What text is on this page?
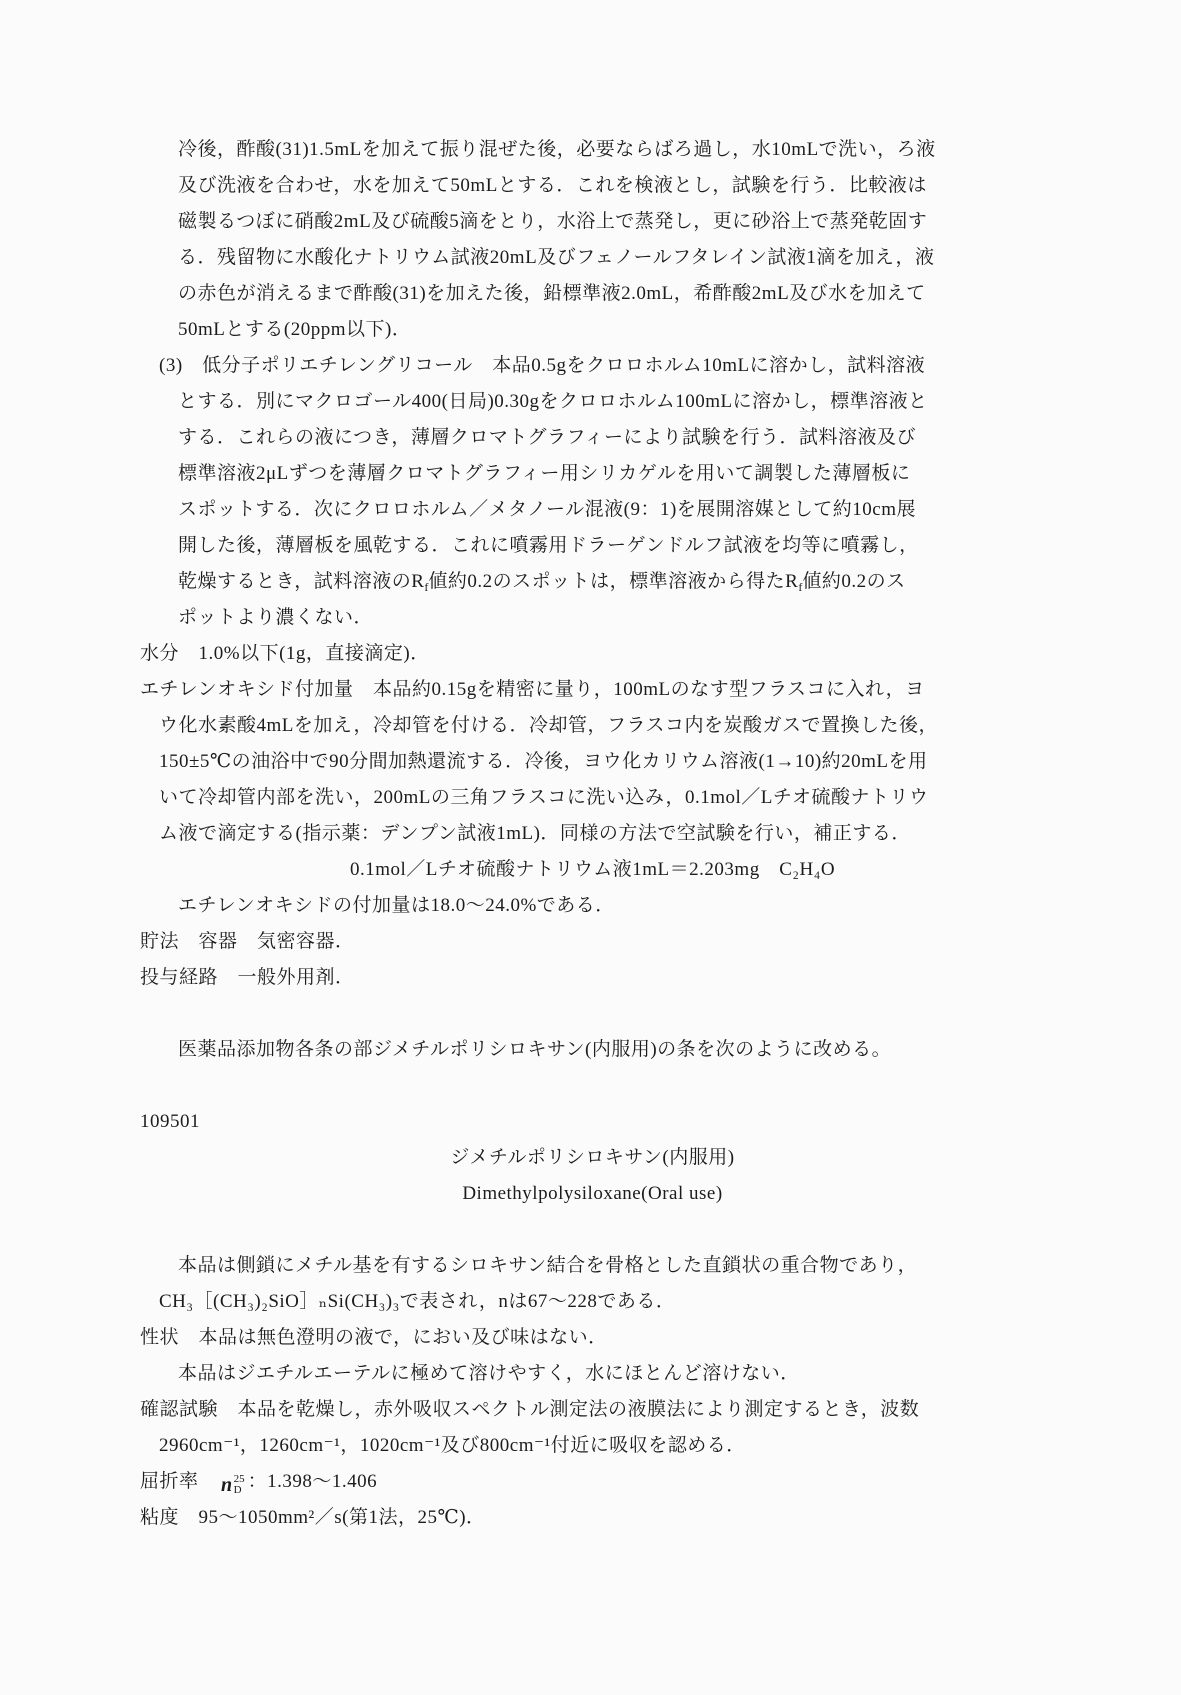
冷後，酢酸(31)1.5mLを加えて振り混ぜた後，必要ならばろ過し，水10mLで洗い，ろ液
及び洗液を合わせ，水を加えて50mLとする．これを検液とし，試験を行う．比較液は
磁製るつぼに硝酸2mL及び硫酸5滴をとり，水浴上で蒸発し，更に砂浴上で蒸発乾固す
る．残留物に水酸化ナトリウム試液20mL及びフェノールフタレイン試液1滴を加え，液
の赤色が消えるまで酢酸(31)を加えた後，鉛標準液2.0mL，希酢酸2mL及び水を加えて
50mLとする(20ppm以下)．
(3)　低分子ポリエチレングリコール　本品0.5gをクロロホルム10mLに溶かし，試料溶液
とする．別にマクロゴール400(日局)0.30gをクロロホルム100mLに溶かし，標準溶液と
する．これらの液につき，薄層クロマトグラフィーにより試験を行う．試料溶液及び
標準溶液2μLずつを薄層クロマトグラフィー用シリカゲルを用いて調製した薄層板に
スポットする．次にクロロホルム／メタノール混液(9：1)を展開溶媒として約10cm展
開した後，薄層板を風乾する．これに噴霧用ドラーゲンドルフ試液を均等に噴霧し，
乾燥するとき，試料溶液の$R_f$値約0.2のスポットは，標準溶液から得た$R_f$値約0.2のス
ポットより濃くない．
水分　1.0%以下(1g，直接滴定)．
エチレンオキシド付加量　本品約0.15gを精密に量り，100mLのなす型フラスコに入れ，ヨ
ウ化水素酸4mLを加え，冷却管を付ける．冷却管，フラスコ内を炭酸ガスで置換した後，
150±5℃の油浴中で90分間加熱還流する．冷後，ヨウ化カリウム溶液(1→10)約20mLを用
いて冷却管内部を洗い，200mLの三角フラスコに洗い込み，0.1mol／Lチオ硫酸ナトリウ
ム液で滴定する(指示薬：デンプン試液1mL)．同様の方法で空試験を行い，補正する．
0.1mol／Lチオ硫酸ナトリウム液1mL＝2.203mg　C₂H₄O
エチレンオキシドの付加量は18.0〜24.0%である．
貯法　容器　気密容器．
投与経路　一般外用剤．

医薬品添加物各条の部ジメチルポリシロキサン(内服用)の条を次のように改める。

109501
ジメチルポリシロキサン(内服用)
Dimethylpolysiloxane(Oral use)

本品は側鎖にメチル基を有するシロキサン結合を骨格とした直鎖状の重合物であり，
CH₃［(CH₃)₂SiO］ₙSi(CH₃)₃で表され，nは67〜228である．
性状　本品は無色澄明の液で，におい及び味はない．
本品はジエチルエーテルに極めて溶けやすく，水にほとんど溶けない．
確認試験　本品を乾燥し，赤外吸収スペクトル測定法の液膜法により測定するとき，波数
2960cm⁻¹，1260cm⁻¹，1020cm⁻¹及び800cm⁻¹付近に吸収を認める．
屈折率　 n 25
D ：1.398〜1.406
粘度　95〜1050mm²／s(第1法，25℃)．
